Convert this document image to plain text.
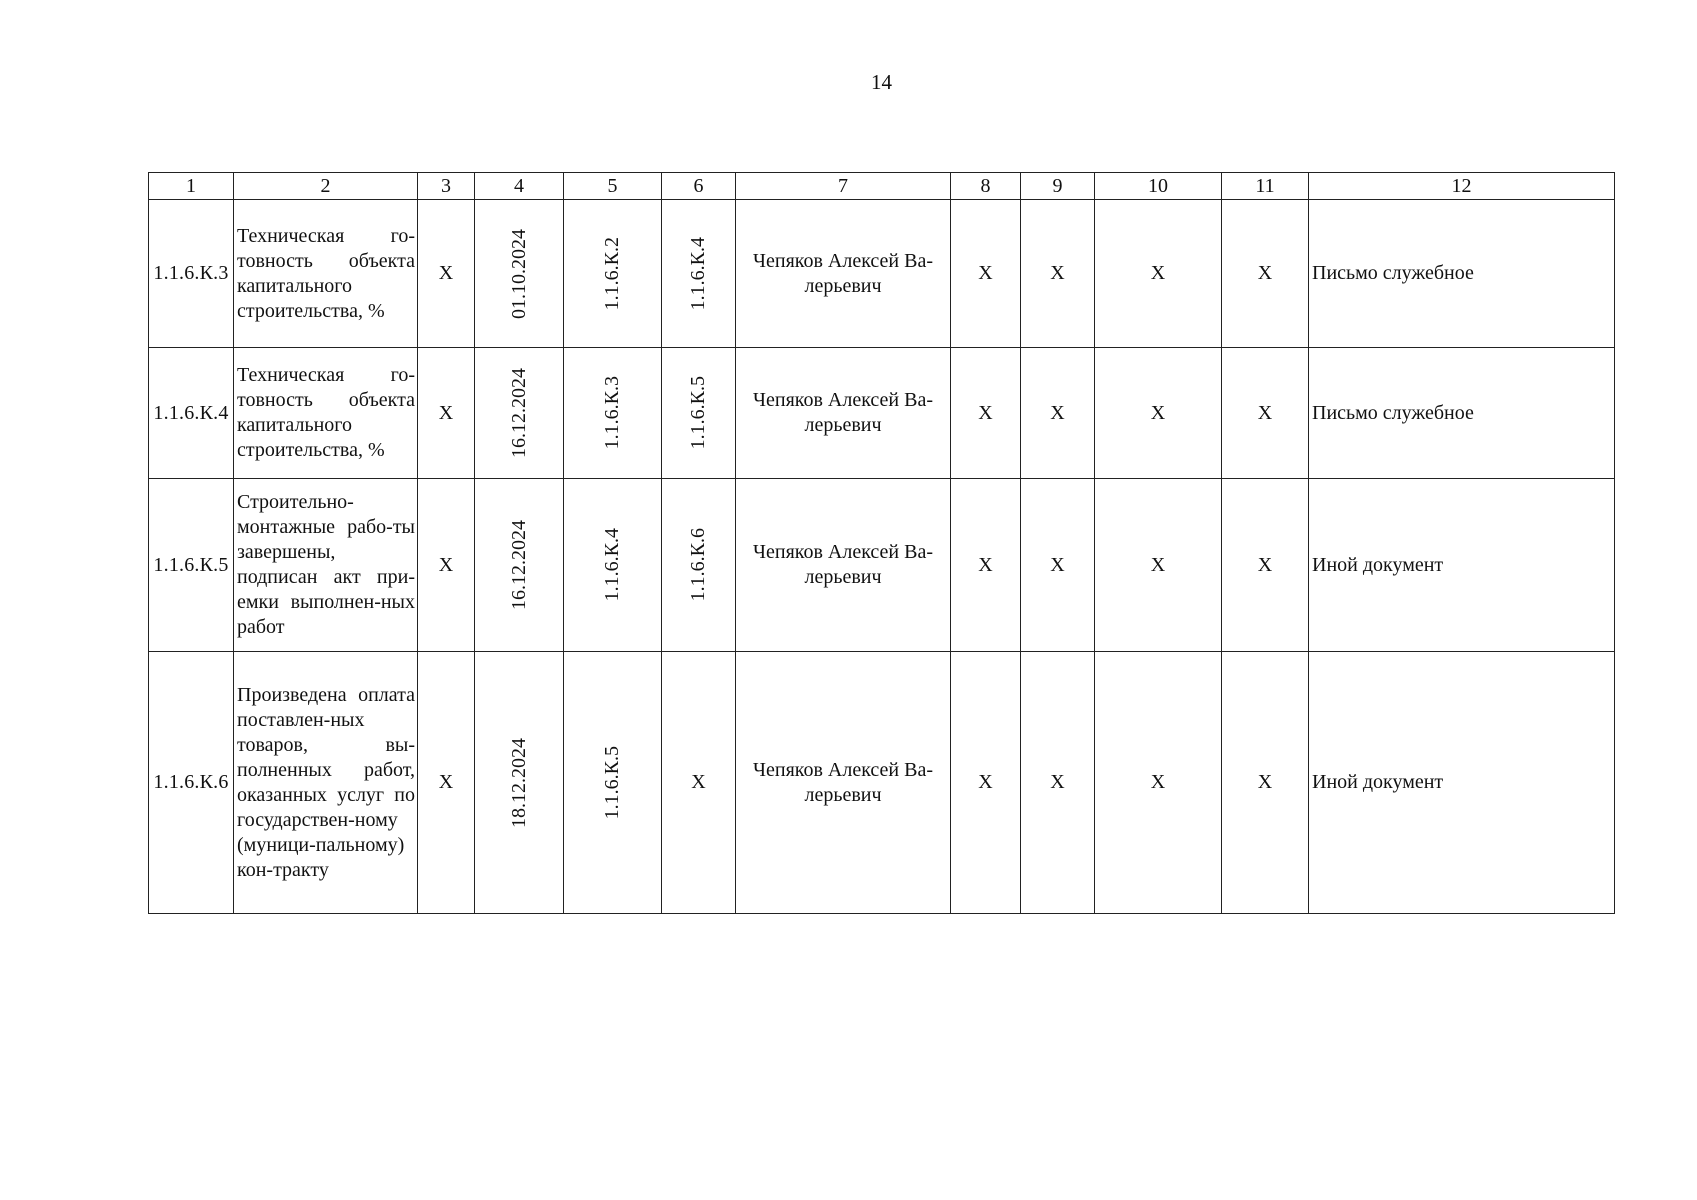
14
1	2	3	4	5	6	7	8	9	10	11	12
1.1.6.К.3	Техническая го-товность объекта капитального строительства, %	X	01.10.2024	1.1.6.К.2	1.1.6.К.4	Чепяков Алексей Ва-лерьевич	X	X	X	X	Письмо служебное
1.1.6.К.4	Техническая го-товность объекта капитального строительства, %	X	16.12.2024	1.1.6.К.3	1.1.6.К.5	Чепяков Алексей Ва-лерьевич	X	X	X	X	Письмо служебное
1.1.6.К.5	Строительно-монтажные рабо-ты завершены, подписан акт при-емки выполнен-ных работ	X	16.12.2024	1.1.6.К.4	1.1.6.К.6	Чепяков Алексей Ва-лерьевич	X	X	X	X	Иной документ
1.1.6.К.6	Произведена оплата поставлен-ных товаров, вы-полненных работ, оказанных услуг по государствен-ному (муници-пальному) кон-тракту	X	18.12.2024	1.1.6.К.5	X	Чепяков Алексей Ва-лерьевич	X	X	X	X	Иной документ
